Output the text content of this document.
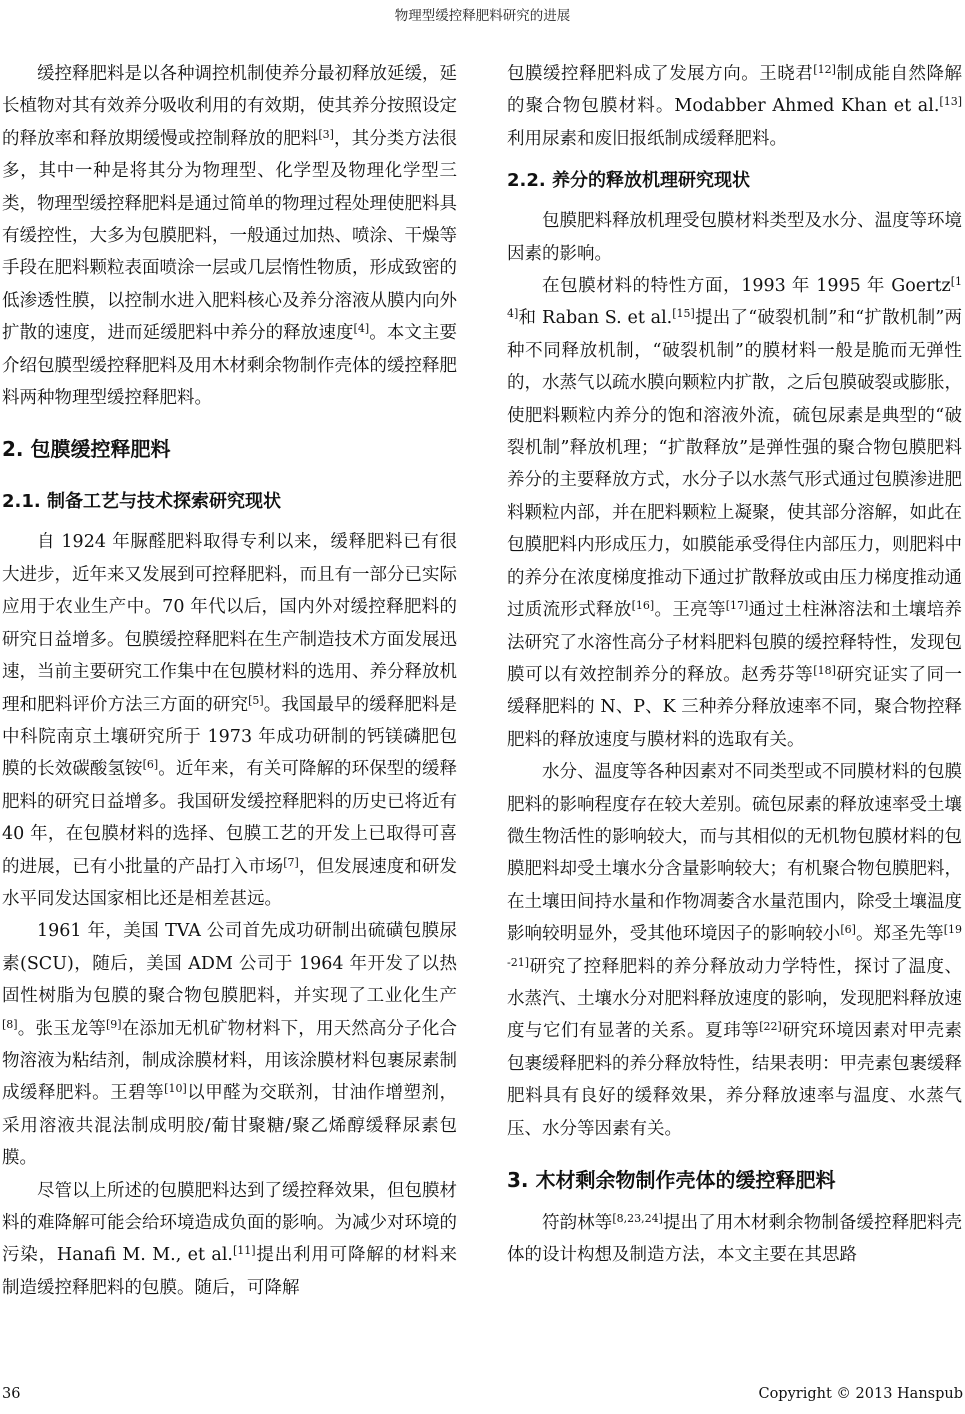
物理型缓控释肥料研究的进展

缓控释肥料是以各种调控机制使养分最初释放延缓，延长植物对其有效养分吸收利用的有效期，使其养分按照设定的释放率和释放期缓慢或控制释放的肥料[3]，其分类方法很多，其中一种是将其分为物理型、化学型及物理化学型三类，物理型缓控释肥料是通过简单的物理过程处理使肥料具有缓控性，大多为包膜肥料，一般通过加热、喷涂、干燥等手段在肥料颗粒表面喷涂一层或几层惰性物质，形成致密的低渗透性膜，以控制水进入肥料核心及养分溶液从膜内向外扩散的速度，进而延缓肥料中养分的释放速度[4]。本文主要介绍包膜型缓控释肥料及用木材剩余物制作壳体的缓控释肥料两种物理型缓控释肥料。

2. 包膜缓控释肥料
2.1. 制备工艺与技术探索研究现状

自 1924 年脲醛肥料取得专利以来，缓释肥料已有很大进步，近年来又发展到可控释肥料，而且有一部分已实际应用于农业生产中。70 年代以后，国内外对缓控释肥料的研究日益增多。包膜缓控释肥料在生产制造技术方面发展迅速，当前主要研究工作集中在包膜材料的选用、养分释放机理和肥料评价方法三方面的研究[5]。我国最早的缓释肥料是中科院南京土壤研究所于 1973 年成功研制的钙镁磷肥包膜的长效碳酸氢铵[6]。近年来，有关可降解的环保型的缓释肥料的研究日益增多。我国研发缓控释肥料的历史已将近有 40 年，在包膜材料的选择、包膜工艺的开发上已取得可喜的进展，已有小批量的产品打入市场[7]，但发展速度和研发水平同发达国家相比还是相差甚远。

1961 年，美国 TVA 公司首先成功研制出硫磺包膜尿素(SCU)，随后，美国 ADM 公司于 1964 年开发了以热固性树脂为包膜的聚合物包膜肥料，并实现了工业化生产[8]。张玉龙等[9]在添加无机矿物材料下，用天然高分子化合物溶液为粘结剂，制成涂膜材料，用该涂膜材料包裹尿素制成缓释肥料。王碧等[10]以甲醛为交联剂，甘油作增塑剂，采用溶液共混法制成明胶/葡甘聚糖/聚乙烯醇缓释尿素包膜。

尽管以上所述的包膜肥料达到了缓控释效果，但包膜材料的难降解可能会给环境造成负面的影响。为减少对环境的污染，Hanafi M. M., et al.[11]提出利用可降解的材料来制造缓控释肥料的包膜。随后，可降解

包膜缓控释肥料成了发展方向。王晓君[12]制成能自然降解的聚合物包膜材料。Modabber Ahmed Khan et al.[13]利用尿素和废旧报纸制成缓释肥料。

2.2. 养分的释放机理研究现状

包膜肥料释放机理受包膜材料类型及水分、温度等环境因素的影响。

在包膜材料的特性方面，1993 年 1995 年 Goertz[14]和 Raban S. et al.[15]提出了“破裂机制”和“扩散机制”两种不同释放机制，“破裂机制”的膜材料一般是脆而无弹性的，水蒸气以疏水膜向颗粒内扩散，之后包膜破裂或膨胀，使肥料颗粒内养分的饱和溶液外流，硫包尿素是典型的“破裂机制”释放机理；“扩散释放”是弹性强的聚合物包膜肥料养分的主要释放方式，水分子以水蒸气形式通过包膜渗进肥料颗粒内部，并在肥料颗粒上凝聚，使其部分溶解，如此在包膜肥料内形成压力，如膜能承受得住内部压力，则肥料中的养分在浓度梯度推动下通过扩散释放或由压力梯度推动通过质流形式释放[16]。王亮等[17]通过土柱淋溶法和土壤培养法研究了水溶性高分子材料肥料包膜的缓控释特性，发现包膜可以有效控制养分的释放。赵秀芬等[18]研究证实了同一缓释肥料的 N、P、K 三种养分释放速率不同，聚合物控释肥料的释放速度与膜材料的选取有关。

水分、温度等各种因素对不同类型或不同膜材料的包膜肥料的影响程度存在较大差别。硫包尿素的释放速率受土壤微生物活性的影响较大，而与其相似的无机物包膜材料的包膜肥料却受土壤水分含量影响较大；有机聚合物包膜肥料，在土壤田间持水量和作物凋萎含水量范围内，除受土壤温度影响较明显外，受其他环境因子的影响较小[6]。郑圣先等[19-21]研究了控释肥料的养分释放动力学特性，探讨了温度、水蒸汽、土壤水分对肥料释放速度的影响，发现肥料释放速度与它们有显著的关系。夏玮等[22]研究环境因素对甲壳素包裹缓释肥料的养分释放特性，结果表明：甲壳素包裹缓释肥料具有良好的缓释效果，养分释放速率与温度、水蒸气压、水分等因素有关。

3. 木材剩余物制作壳体的缓控释肥料

符韵林等[8,23,24]提出了用木材剩余物制备缓控释肥料壳体的设计构想及制造方法，本文主要在其思路

36	Copyright © 2013 Hanspub
